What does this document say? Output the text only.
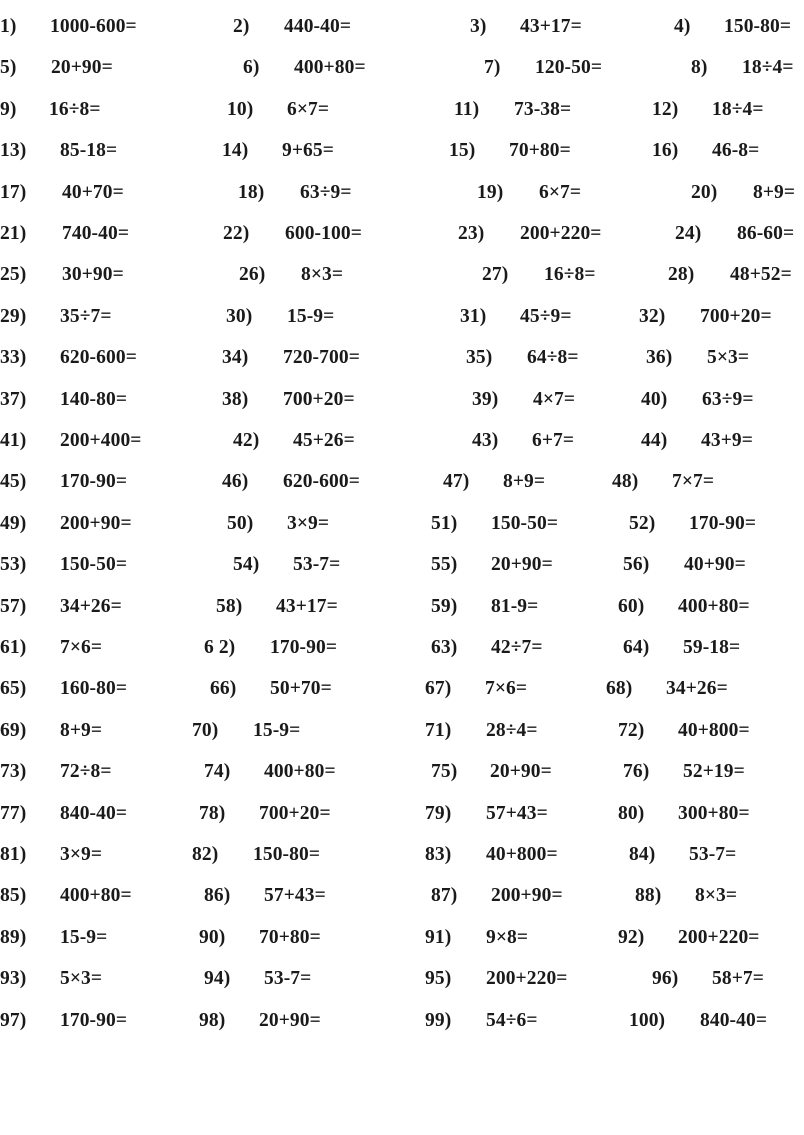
1) 1000-600=	2) 440-40=	3) 43+17=	4) 150-80=
5) 20+90=	6) 400+80=	7) 120-50=	8) 18÷4=
9) 16÷8=	10) 6×7=	11) 73-38=	12) 18÷4=
13) 85-18=	14) 9+65=	15) 70+80=	16) 46-8=
17) 40+70=	18) 63÷9=	19) 6×7=	20) 8+9=
21) 740-40=	22) 600-100=	23) 200+220=	24) 86-60=
25) 30+90=	26) 8×3=	27) 16÷8=	28) 48+52=
29) 35÷7=	30) 15-9=	31) 45÷9=	32) 700+20=
33) 620-600=	34) 720-700=	35) 64÷8=	36) 5×3=
37) 140-80=	38) 700+20=	39) 4×7=	40) 63÷9=
41) 200+400=	42) 45+26=	43) 6+7=	44) 43+9=
45) 170-90=	46) 620-600=	47) 8+9=	48) 7×7=
49) 200+90=	50) 3×9=	51) 150-50=	52) 170-90=
53) 150-50=	54) 53-7=	55) 20+90=	56) 40+90=
57) 34+26=	58) 43+17=	59) 81-9=	60) 400+80=
61) 7×6=	6 2) 170-90=	63) 42÷7=	64) 59-18=
65) 160-80=	66) 50+70=	67) 7×6=	68) 34+26=
69) 8+9=	70) 15-9=	71) 28÷4=	72) 40+800=
73) 72÷8=	74) 400+80=	75) 20+90=	76) 52+19=
77) 840-40=	78) 700+20=	79) 57+43=	80) 300+80=
81) 3×9=	82) 150-80=	83) 40+800=	84) 53-7=
85) 400+80=	86) 57+43=	87) 200+90=	88) 8×3=
89) 15-9=	90) 70+80=	91) 9×8=	92) 200+220=
93) 5×3=	94) 53-7=	95) 200+220=	96) 58+7=
97) 170-90=	98) 20+90=	99) 54÷6=	100) 840-40=
